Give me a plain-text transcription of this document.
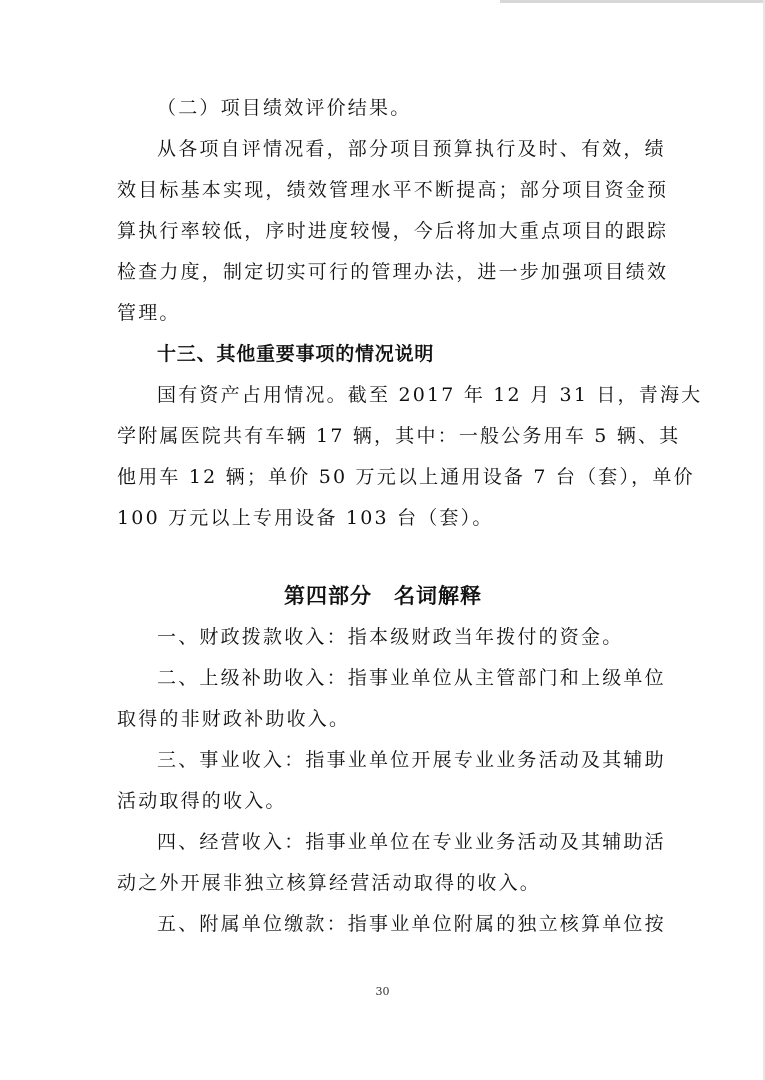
（二）项目绩效评价结果。
从各项自评情况看，部分项目预算执行及时、有效，绩
效目标基本实现，绩效管理水平不断提高；部分项目资金预
算执行率较低，序时进度较慢，今后将加大重点项目的跟踪
检查力度，制定切实可行的管理办法，进一步加强项目绩效
管理。
十三、其他重要事项的情况说明
国有资产占用情况。截至 2017 年 12 月 31 日，青海大
学附属医院共有车辆 17 辆，其中：一般公务用车 5 辆、其
他用车 12 辆；单价 50 万元以上通用设备 7 台（套），单价
100 万元以上专用设备 103 台（套）。
第四部分　名词解释
一、财政拨款收入：指本级财政当年拨付的资金。
二、上级补助收入：指事业单位从主管部门和上级单位
取得的非财政补助收入。
三、事业收入：指事业单位开展专业业务活动及其辅助
活动取得的收入。
四、经营收入：指事业单位在专业业务活动及其辅助活
动之外开展非独立核算经营活动取得的收入。
五、附属单位缴款：指事业单位附属的独立核算单位按
30
